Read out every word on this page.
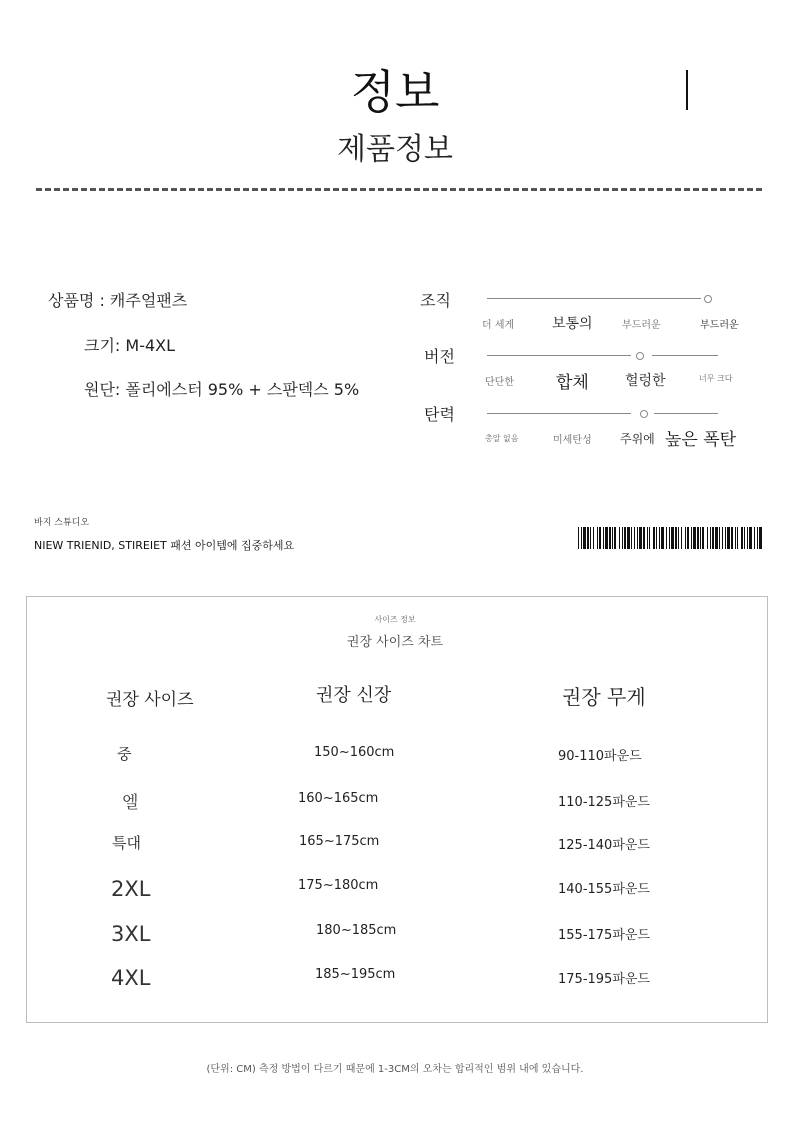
정보
제품정보
상품명 : 캐주얼팬츠
크기: M-4XL
원단: 폴리에스터 95% + 스판덱스 5%
조직
더 세게	보통의	부드러운	부드러운
버전
단단한 합체	헐렁한	너무 크다
탄력
총알 없음	미세탄성 주위에 높은 폭탄
바지 스튜디오
NIEW TRIENID, STIREIET 패션 아이템에 집중하세요
사이즈 정보
권장 사이즈 차트
권장 사이즈	권장 신장	권장 무게
중	150~160cm	90-110파운드
엘	160~165cm	110-125파운드
특대	165~175cm	125-140파운드
2XL	175~180cm	140-155파운드
3XL	180~185cm	155-175파운드
4XL	185~195cm	175-195파운드
(단위: CM) 측정 방법이 다르기 때문에 1-3CM의 오차는 합리적인 범위 내에 있습니다.
